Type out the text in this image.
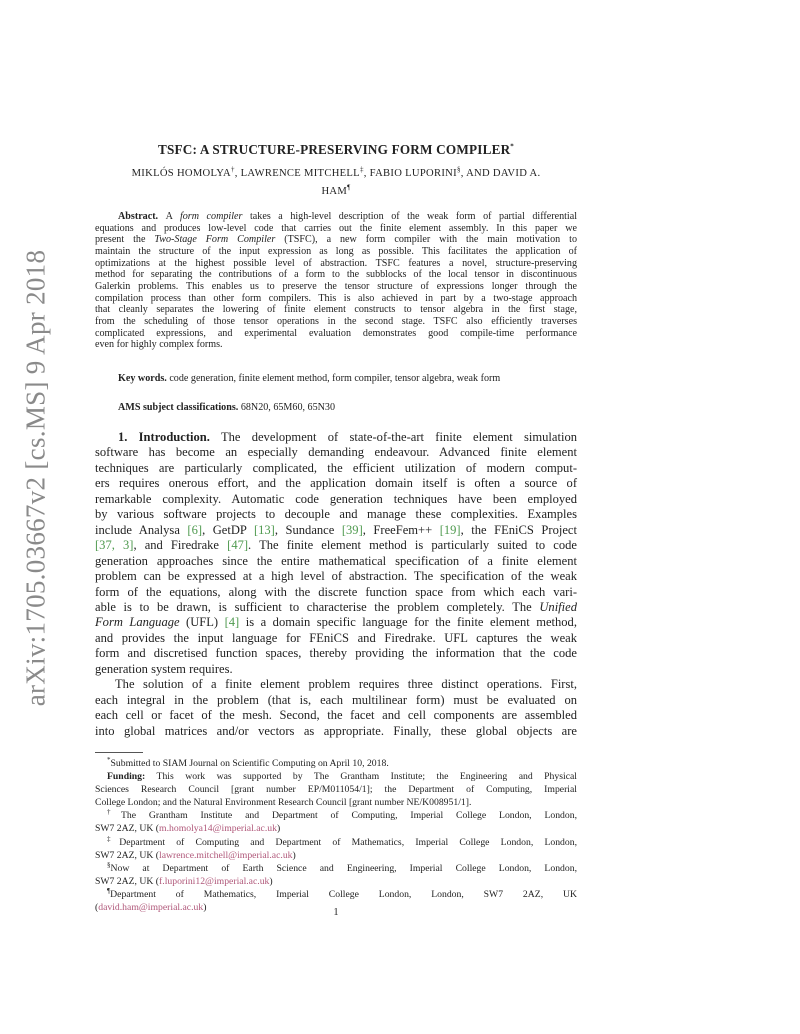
arXiv:1705.03667v2 [cs.MS] 9 Apr 2018
TSFC: A STRUCTURE-PRESERVING FORM COMPILER*
MIKLÓS HOMOLYA†, LAWRENCE MITCHELL‡, FABIO LUPORINI§, AND DAVID A.
HAM¶
Abstract. A form compiler takes a high-level description of the weak form of partial differential
equations and produces low-level code that carries out the finite element assembly. In this paper we
present the Two-Stage Form Compiler (TSFC), a new form compiler with the main motivation to
maintain the structure of the input expression as long as possible. This facilitates the application of
optimizations at the highest possible level of abstraction. TSFC features a novel, structure-preserving
method for separating the contributions of a form to the subblocks of the local tensor in discontinuous
Galerkin problems. This enables us to preserve the tensor structure of expressions longer through the
compilation process than other form compilers. This is also achieved in part by a two-stage approach
that cleanly separates the lowering of finite element constructs to tensor algebra in the first stage,
from the scheduling of those tensor operations in the second stage. TSFC also efficiently traverses
complicated expressions, and experimental evaluation demonstrates good compile-time performance
even for highly complex forms.
Key words. code generation, finite element method, form compiler, tensor algebra, weak form
AMS subject classifications. 68N20, 65M60, 65N30
1. Introduction. The development of state-of-the-art finite element simulation
software has become an especially demanding endeavour. Advanced finite element
techniques are particularly complicated, the efficient utilization of modern comput-
ers requires onerous effort, and the application domain itself is often a source of
remarkable complexity. Automatic code generation techniques have been employed
by various software projects to decouple and manage these complexities. Examples
include Analysa [6], GetDP [13], Sundance [39], FreeFem++ [19], the FEniCS Project
[37, 3], and Firedrake [47]. The finite element method is particularly suited to code
generation approaches since the entire mathematical specification of a finite element
problem can be expressed at a high level of abstraction. The specification of the weak
form of the equations, along with the discrete function space from which each vari-
able is to be drawn, is sufficient to characterise the problem completely. The Unified
Form Language (UFL) [4] is a domain specific language for the finite element method,
and provides the input language for FEniCS and Firedrake. UFL captures the weak
form and discretised function spaces, thereby providing the information that the code
generation system requires.
The solution of a finite element problem requires three distinct operations. First,
each integral in the problem (that is, each multilinear form) must be evaluated on
each cell or facet of the mesh. Second, the facet and cell components are assembled
into global matrices and/or vectors as appropriate. Finally, these global objects are
*Submitted to SIAM Journal on Scientific Computing on April 10, 2018.
Funding: This work was supported by The Grantham Institute; the Engineering and Physical
Sciences Research Council [grant number EP/M011054/1]; the Department of Computing, Imperial
College London; and the Natural Environment Research Council [grant number NE/K008951/1].
†The Grantham Institute and Department of Computing, Imperial College London, London,
SW7 2AZ, UK (m.homolya14@imperial.ac.uk)
‡Department of Computing and Department of Mathematics, Imperial College London, London,
SW7 2AZ, UK (lawrence.mitchell@imperial.ac.uk)
§Now at Department of Earth Science and Engineering, Imperial College London, London,
SW7 2AZ, UK (f.luporini12@imperial.ac.uk)
¶Department of Mathematics, Imperial College London, London, SW7 2AZ, UK
(david.ham@imperial.ac.uk)	1
